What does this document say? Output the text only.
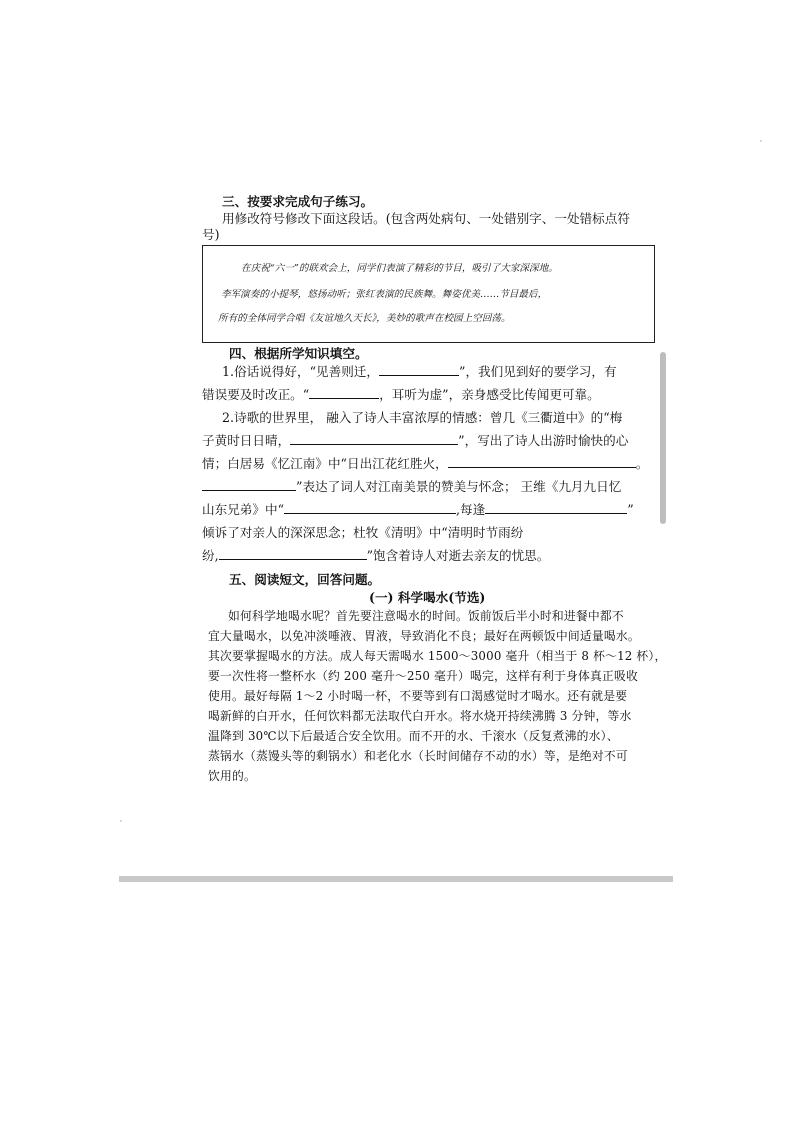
三、按要求完成句子练习。
用修改符号修改下面这段话。(包含两处病句、一处错别字、一处错标点符
号)
在庆祝“六一”的联欢会上，同学们表演了精彩的节目，吸引了大家深深地。
李军演奏的小提琴，悠扬动听；张红表演的民族舞。舞姿优美……节目最后，
所有的全体同学合唱《友谊地久天长》，美妙的歌声在校园上空回荡。
四、根据所学知识填空。
1.俗话说得好，“见善则迁，	”，我们见到好的要学习，有
错误要及时改正。“	，耳听为虚”，亲身感受比传闻更可靠。
2.诗歌的世界里， 融入了诗人丰富浓厚的情感：曾几《三衢道中》的“梅
子黄时日日晴，	”，写出了诗人出游时愉快的心
情；白居易《忆江南》中“日出江花红胜火，	。
”表达了词人对江南美景的赞美与怀念； 王维《九月九日忆
山东兄弟》中“	,每逢	”
倾诉了对亲人的深深思念；杜牧《清明》中“清明时节雨纷
纷,	”饱含着诗人对逝去亲友的忧思。
五、阅读短文，回答问题。
(一) 科学喝水(节选)
如何科学地喝水呢？首先要注意喝水的时间。饭前饭后半小时和进餐中都不
宜大量喝水，以免冲淡唾液、胃液，导致消化不良；最好在两顿饭中间适量喝水。
其次要掌握喝水的方法。成人每天需喝水 1500～3000 毫升（相当于 8 杯～12 杯），
要一次性将一整杯水（约 200 毫升～250 毫升）喝完，这样有利于身体真正吸收
使用。最好每隔 1～2 小时喝一杯，不要等到有口渴感觉时才喝水。还有就是要
喝新鲜的白开水，任何饮料都无法取代白开水。将水烧开持续沸腾 3 分钟，等水
温降到 30℃以下后最适合安全饮用。而不开的水、千滚水（反复煮沸的水）、
蒸锅水（蒸馒头等的剩锅水）和老化水（长时间储存不动的水）等，是绝对不可
饮用的。
